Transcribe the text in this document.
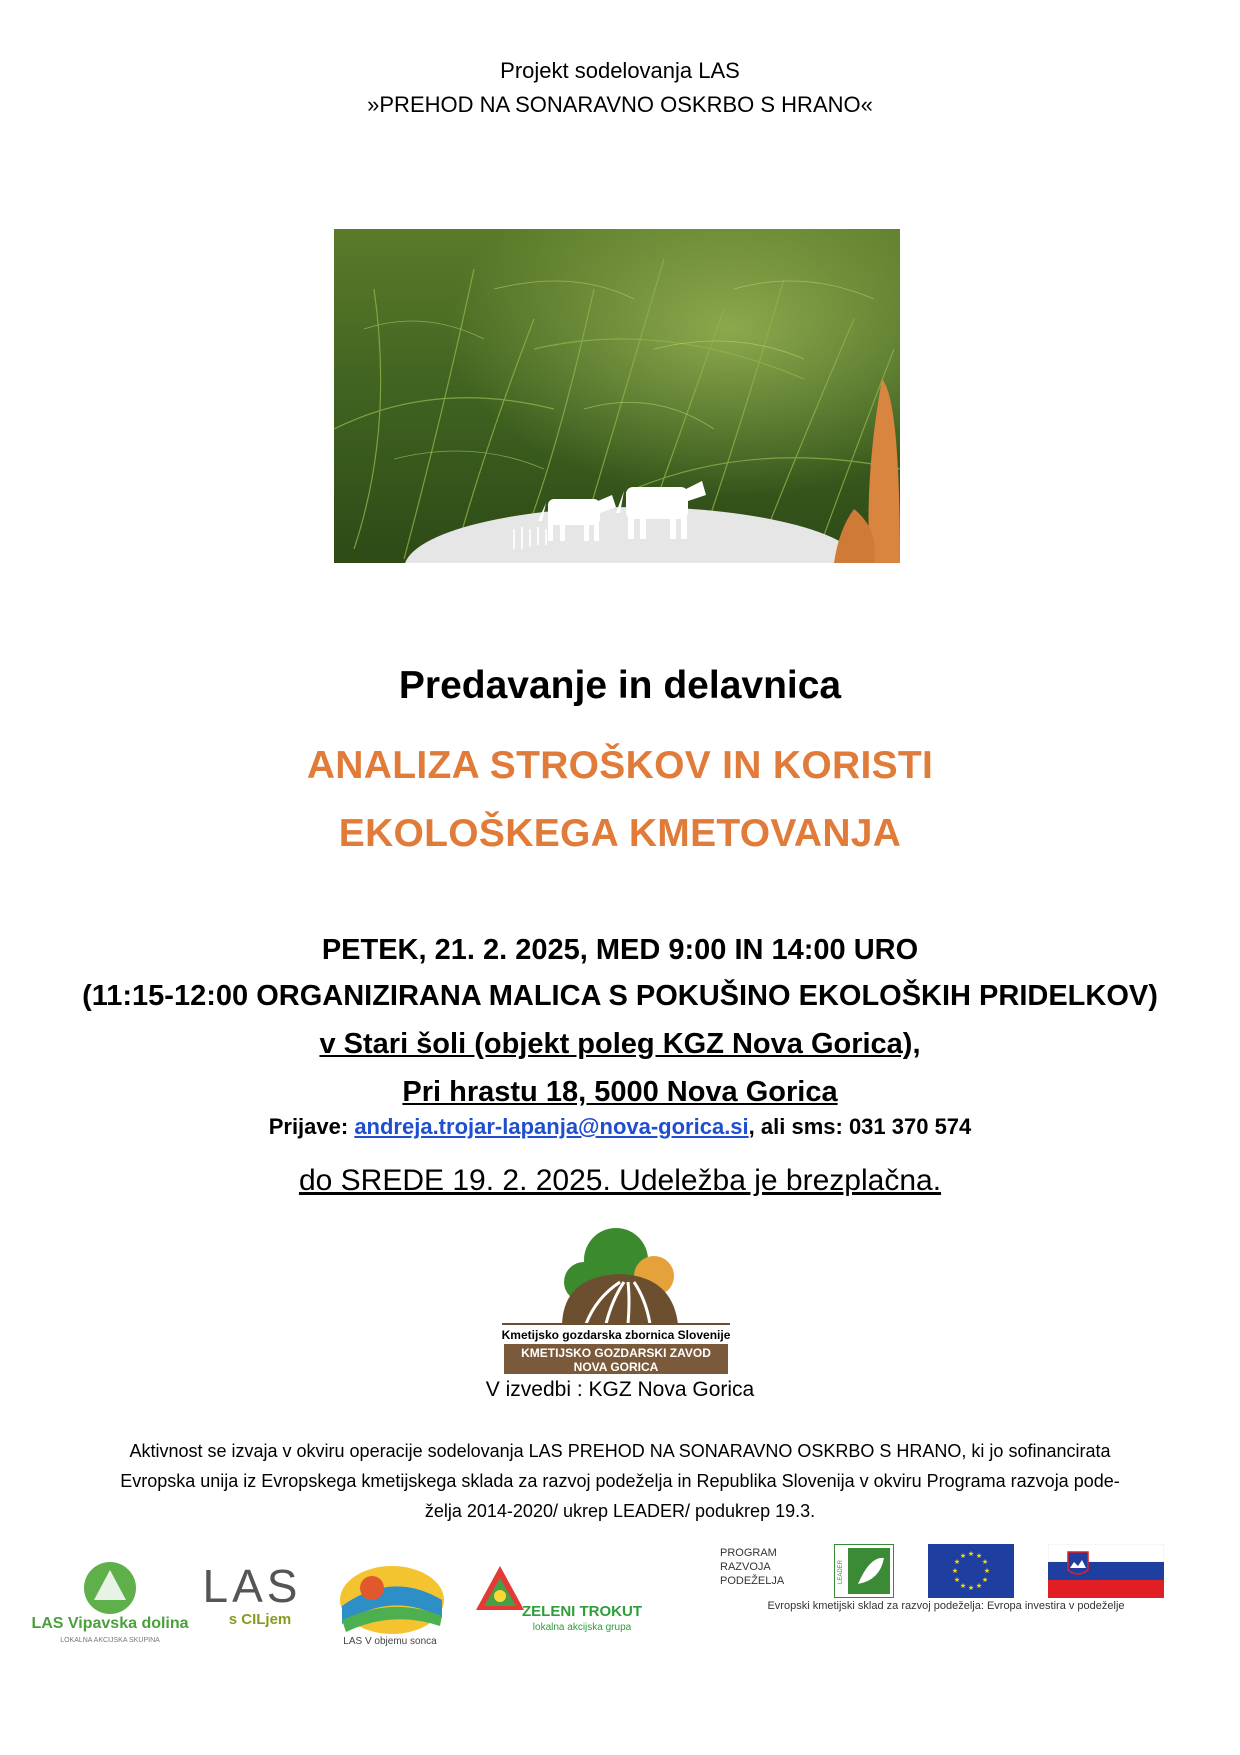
Projekt sodelovanja LAS
»PREHOD NA SONARAVNO OSKRBO S HRANO«
Predavanje in delavnica
ANALIZA STROŠKOV IN KORISTI
EKOLOŠKEGA KMETOVANJA
PETEK, 21. 2. 2025, MED 9:00 IN 14:00 URO
(11:15-12:00 ORGANIZIRANA MALICA S POKUŠINO EKOLOŠKIH PRIDELKOV)
v Stari šoli (objekt poleg KGZ Nova Gorica),
Pri hrastu 18, 5000 Nova Gorica
Prijave: andreja.trojar-lapanja@nova-gorica.si, ali sms: 031 370 574
do SREDE 19. 2. 2025. Udeležba je brezplačna.
Kmetijsko gozdarska zbornica Slovenije
KMETIJSKO GOZDARSKI ZAVOD
NOVA GORICA
V izvedbi : KGZ Nova Gorica
Aktivnost se izvaja v okviru operacije sodelovanja LAS PREHOD NA SONARAVNO OSKRBO S HRANO, ki jo sofinancirata
Evropska unija iz Evropskega kmetijskega sklada za razvoj podeželja in Republika Slovenija v okviru Programa razvoja pode-
želja 2014-2020/ ukrep LEADER/ podukrep 19.3.
LAS Vipavska dolina
LOKALNA AKCIJSKA SKUPINA
LAS
s CILjem
LAS V objemu sonca
ZELENI TROKUT
lokalna akcijska grupa
PROGRAM
RAZVOJA
PODEŽELJA	LEADER
★ ★
★
★
★
★
★
★
★
★
★
★
Evropski kmetijski sklad za razvoj podeželja: Evropa investira v podeželje
